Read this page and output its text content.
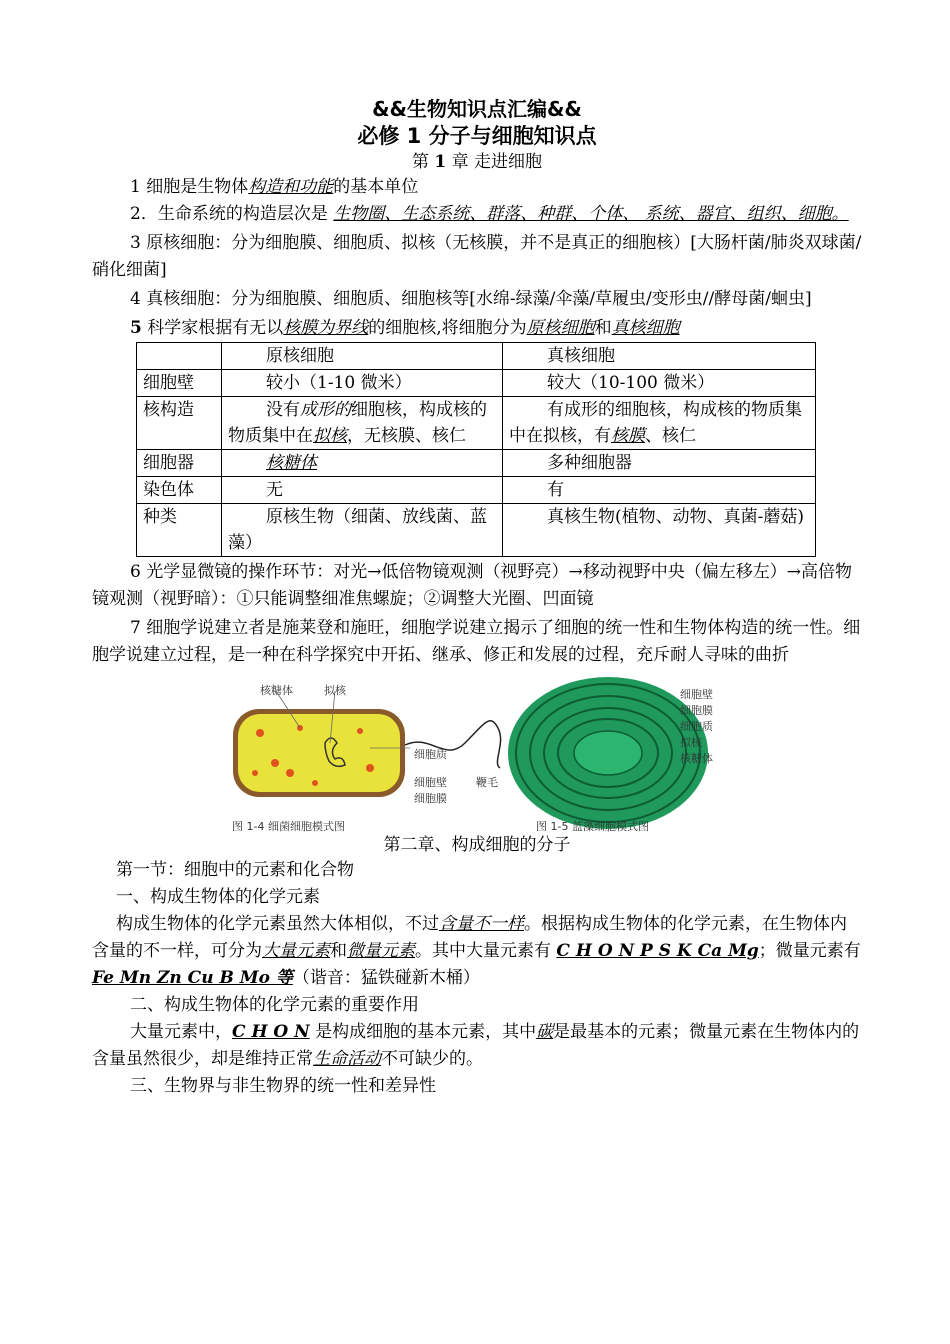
&&生物知识点汇编&&
必修 1 分子与细胞知识点
第 1 章 走进细胞

1 细胞是生物体构造和功能的基本单位

2．生命系统的构造层次是 生物圈、生态系统、群落、种群、个体、 系统、器官、组织、细胞。

3 原核细胞：分为细胞膜、细胞质、拟核（无核膜，并不是真正的细胞核）[大肠杆菌/肺炎双球菌/硝化细菌]

4 真核细胞：分为细胞膜、细胞质、细胞核等[水绵-绿藻/伞藻/草履虫/变形虫//酵母菌/蛔虫]

5 科学家根据有无以核膜为界线的细胞核,将细胞分为原核细胞和真核细胞

	原核细胞	真核细胞
细胞壁	较小（1-10 微米）	较大（10-100 微米）
核构造	没有成形的细胞核，构成核的物质集中在拟核，无核膜、核仁	有成形的细胞核，构成核的物质集中在拟核，有核膜、核仁
细胞器	核糖体	多种细胞器
染色体	无	有
种类	原核生物（细菌、放线菌、蓝藻）	真核生物(植物、动物、真菌-蘑菇)

6 光学显微镜的操作环节：对光→低倍物镜观测（视野亮）→移动视野中央（偏左移左）→高倍物镜观测（视野暗）：①只能调整细准焦螺旋；②调整大光圈、凹面镜

7 细胞学说建立者是施莱登和施旺，细胞学说建立揭示了细胞的统一性和生物体构造的统一性。细胞学说建立过程，是一种在科学探究中开拓、继承、修正和发展的过程，充斥耐人寻味的曲折

核糖体	拟核
细胞质
细胞壁
细胞膜
鞭毛
图 1-4 细菌细胞模式图
细胞壁
细胞膜
细胞质
拟核
核糖体
图 1-5 蓝藻细胞模式图
第二章、构成细胞的分子

第一节：细胞中的元素和化合物

一、构成生物体的化学元素

构成生物体的化学元素虽然大体相似，不过含量不一样。根据构成生物体的化学元素，在生物体内含量的不一样，可分为大量元素和微量元素。其中大量元素有 C H O N P S K Ca Mg；微量元素有 Fe Mn Zn Cu B Mo 等（谐音：猛铁碰新木桶）

二、构成生物体的化学元素的重要作用

大量元素中，C H O N 是构成细胞的基本元素，其中碳是最基本的元素；微量元素在生物体内的含量虽然很少，却是维持正常生命活动不可缺少的。

三、生物界与非生物界的统一性和差异性
